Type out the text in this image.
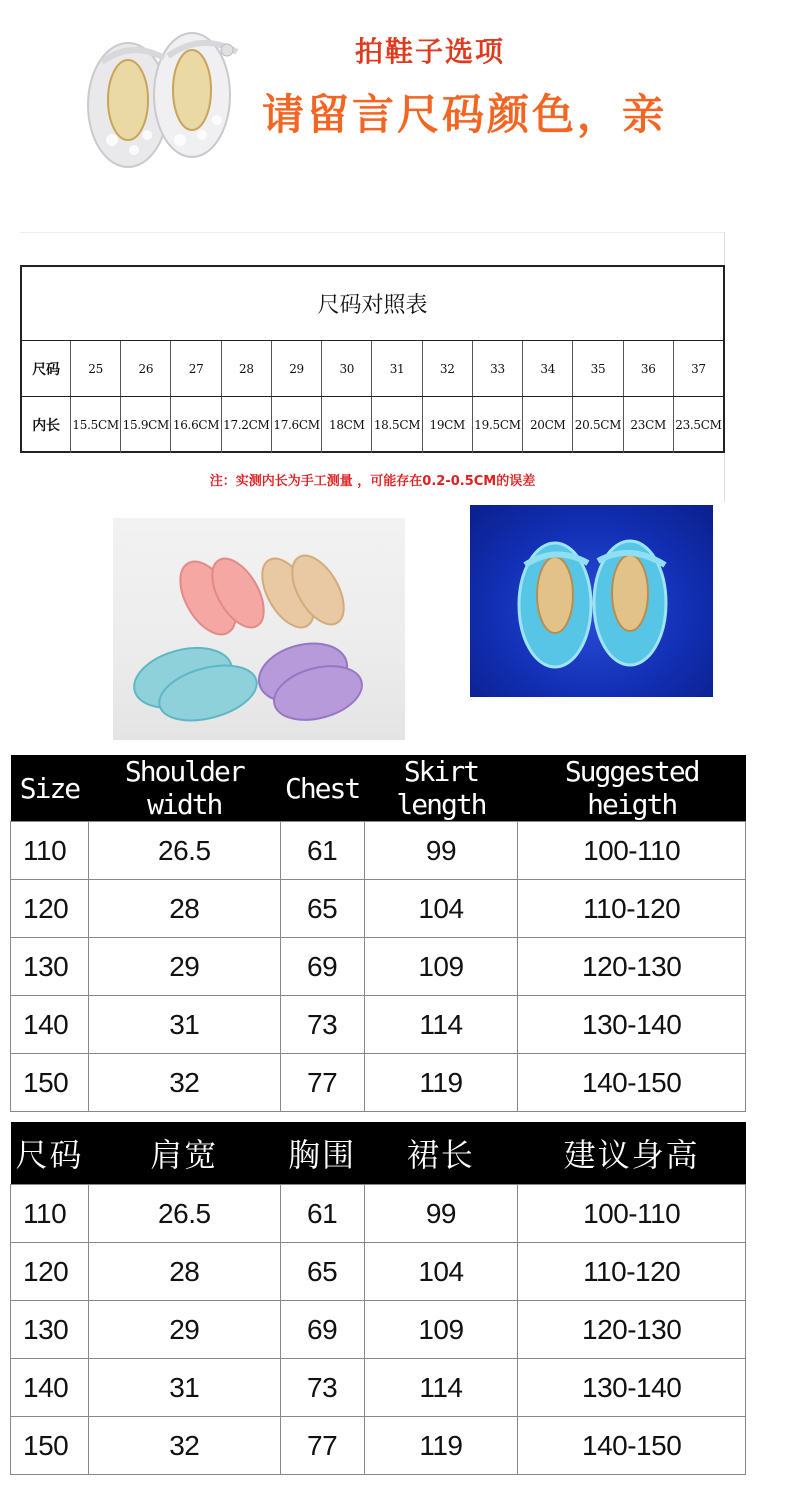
拍鞋子选项
请留言尺码颜色，亲
尺码对照表
尺码	25	26	27	28	29	30	31	32	33	34	35	36	37
内长	15.5CM 15.9CM 16.6CM 17.2CM 17.6CM 18CM 18.5CM 19CM 19.5CM 20CM 20.5CM 23CM 23.5CM
注：实测内长为手工测量 ，可能存在0.2-0.5CM的误差
Size	Shoulder width	Chest	Skirt length	Suggested heigth
110	26.5	61	99	100-110
120	28	65	104	110-120
130	29	69	109	120-130
140	31	73	114	130-140
150	32	77	119	140-150
尺码	肩宽	胸围	裙长	建议身高
110	26.5	61	99	100-110
120	28	65	104	110-120
130	29	69	109	120-130
140	31	73	114	130-140
150	32	77	119	140-150
